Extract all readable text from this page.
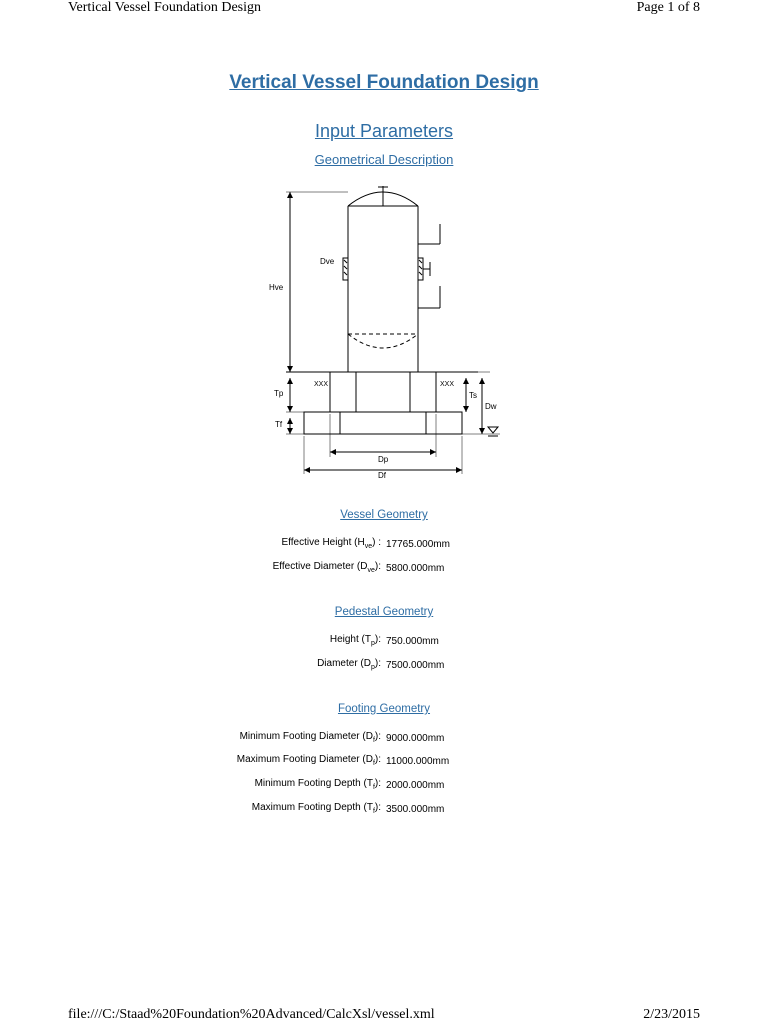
Vertical Vessel Foundation Design	Page 1 of 8
Vertical Vessel Foundation Design
Input Parameters
Geometrical Description
XXX	XXX
Hve
Dve
Tp
Tf
Ts
Dw
Dp
Df
Vessel Geometry
Effective Height $(H_{ve})$ : 17765.000mm
Effective Diameter $(D_{ve})$: 5800.000mm
Pedestal Geometry
Height $(T_p)$: 750.000mm
Diameter $(D_p)$: 7500.000mm
Footing Geometry
Minimum Footing Diameter $(D_f)$: 9000.000mm
Maximum Footing Diameter $(D_f)$: 11000.000mm
Minimum Footing Depth $(T_f)$: 2000.000mm
Maximum Footing Depth $(T_f)$: 3500.000mm
file:///C:/Staad%20Foundation%20Advanced/CalcXsl/vessel.xml	2/23/2015
